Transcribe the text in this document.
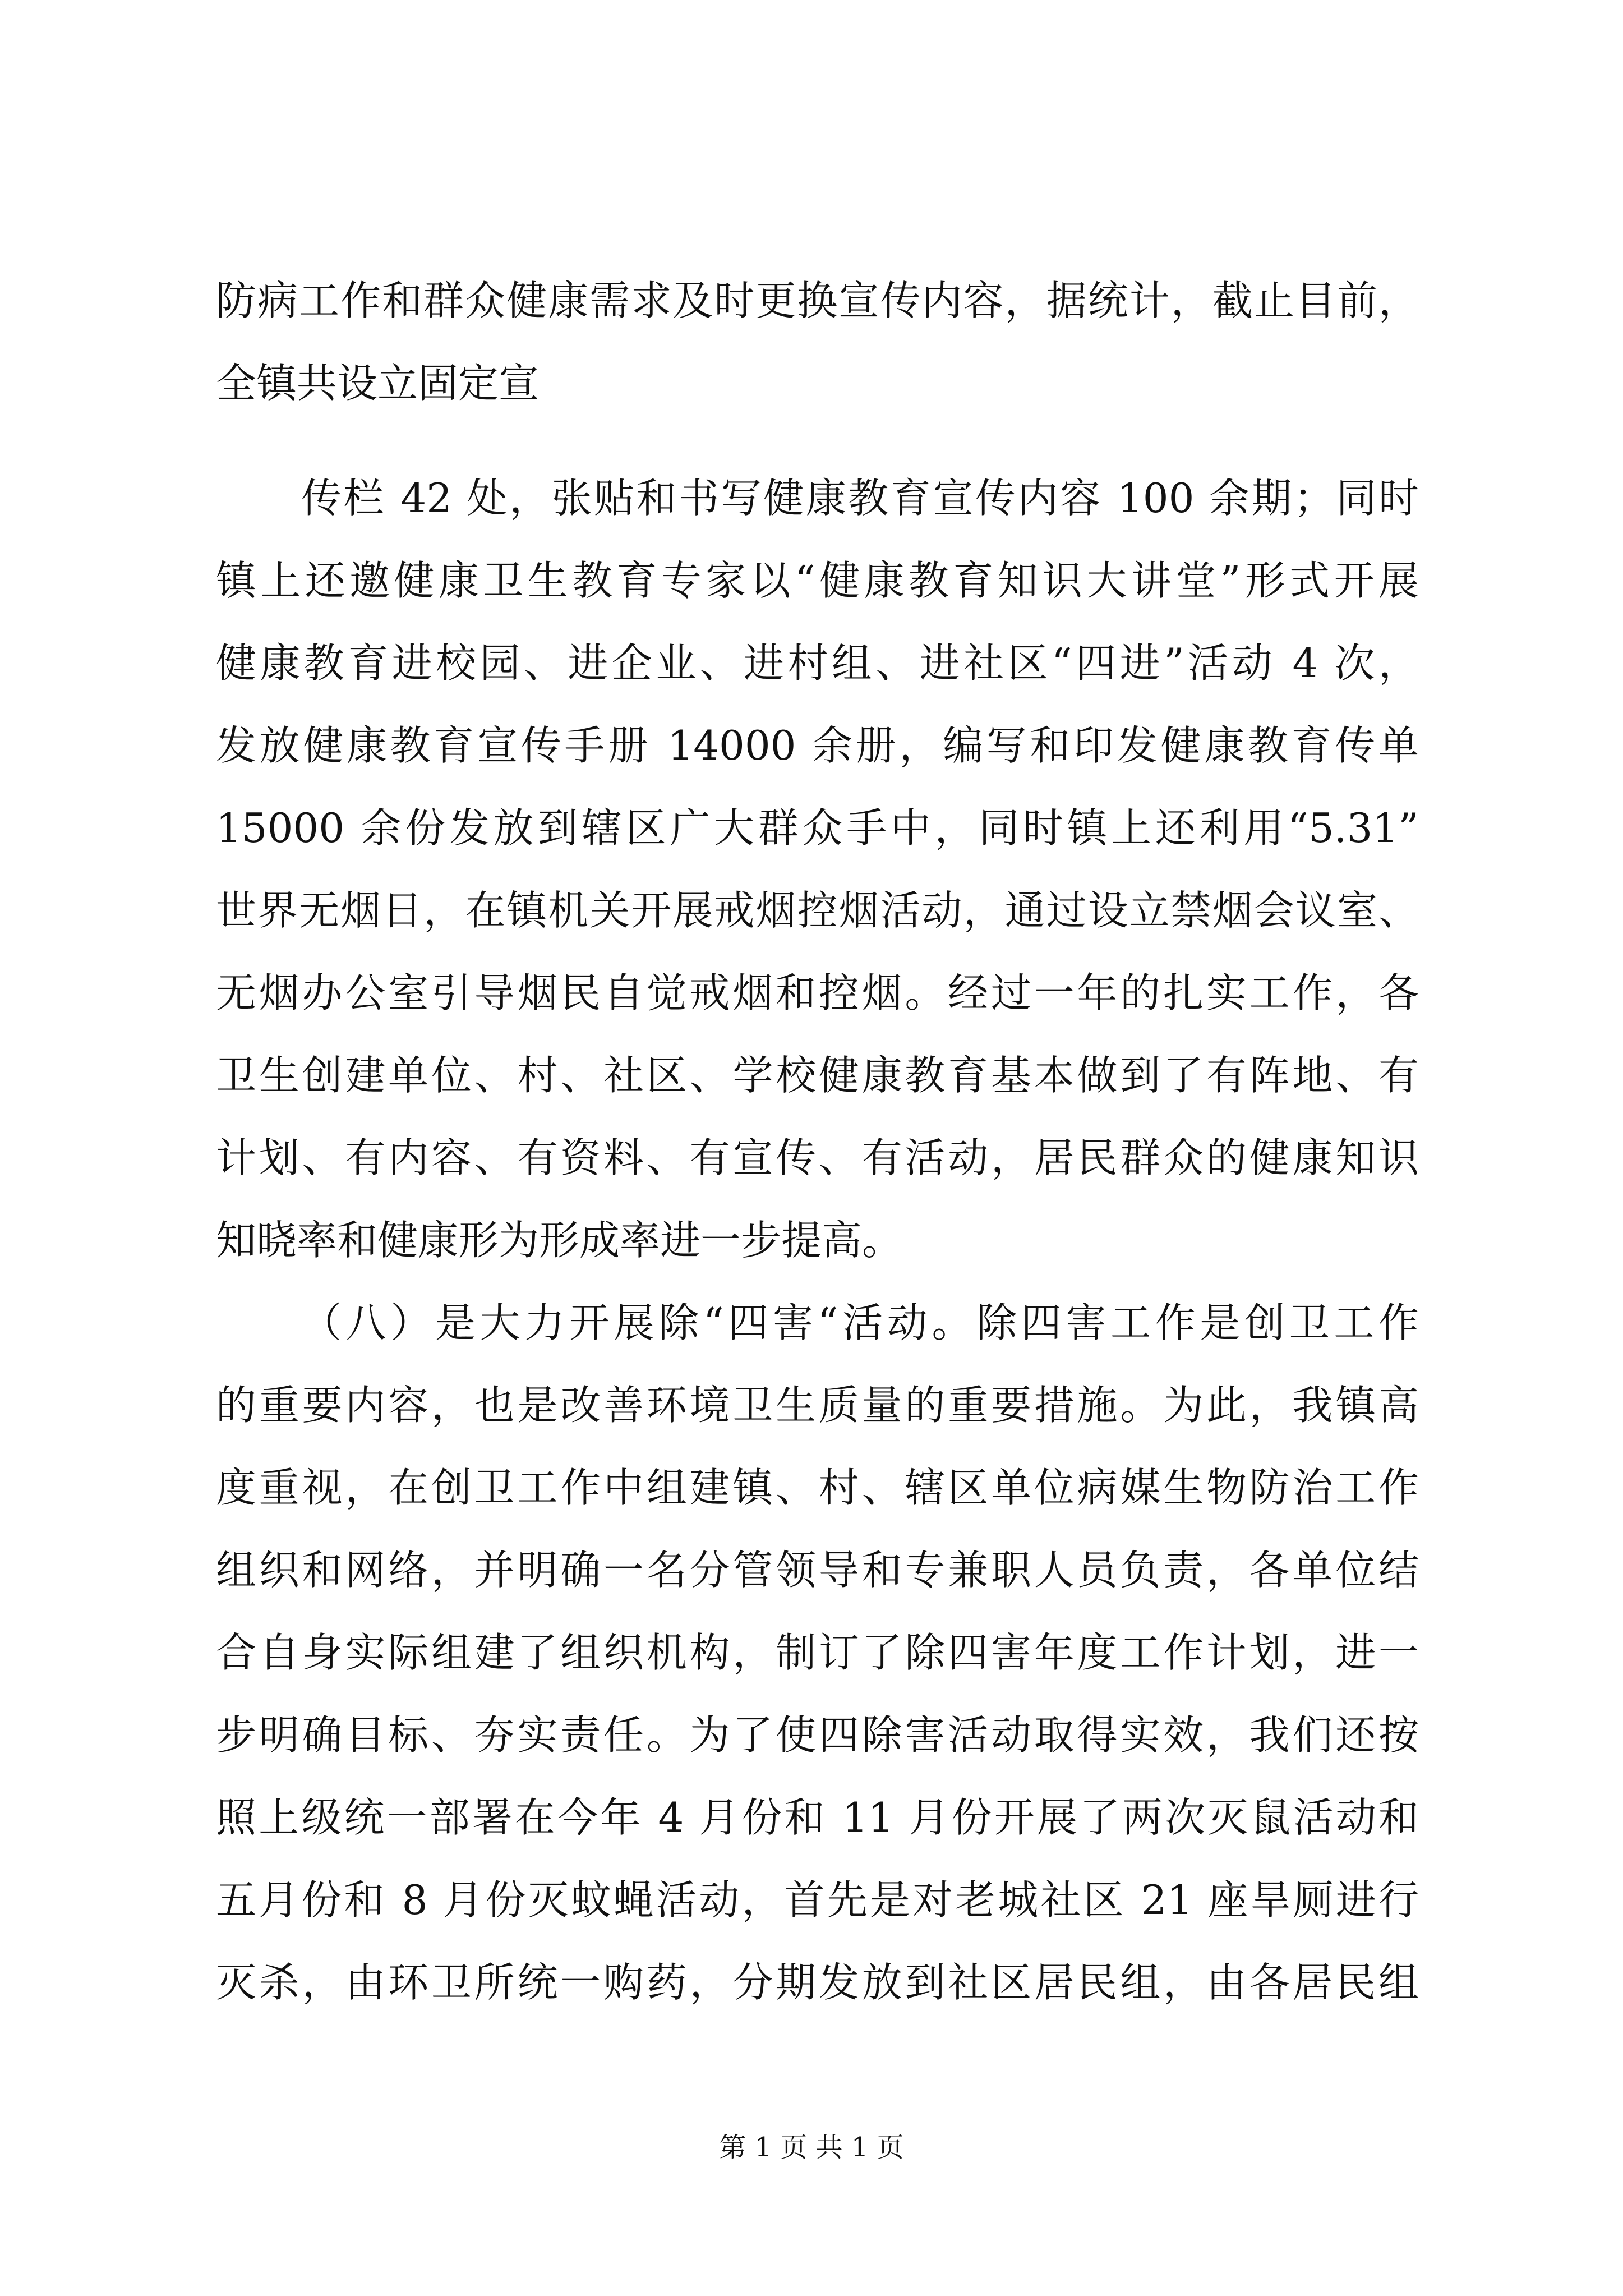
防病工作和群众健康需求及时更换宣传内容，据统计，截止目前，
全镇共设立固定宣
传栏 42 处，张贴和书写健康教育宣传内容 100 余期；同时
镇上还邀健康卫生教育专家以“健康教育知识大讲堂”形式开展
健康教育进校园、进企业、进村组、进社区“四进”活动 4 次，
发放健康教育宣传手册 14000 余册，编写和印发健康教育传单
15000 余份发放到辖区广大群众手中，同时镇上还利用“5.31”
世界无烟日，在镇机关开展戒烟控烟活动，通过设立禁烟会议室、
无烟办公室引导烟民自觉戒烟和控烟。经过一年的扎实工作，各
卫生创建单位、村、社区、学校健康教育基本做到了有阵地、有
计划、有内容、有资料、有宣传、有活动，居民群众的健康知识
知晓率和健康形为形成率进一步提高。
（八）是大力开展除“四害“活动。除四害工作是创卫工作
的重要内容，也是改善环境卫生质量的重要措施。为此，我镇高
度重视，在创卫工作中组建镇、村、辖区单位病媒生物防治工作
组织和网络，并明确一名分管领导和专兼职人员负责，各单位结
合自身实际组建了组织机构，制订了除四害年度工作计划，进一
步明确目标、夯实责任。为了使四除害活动取得实效，我们还按
照上级统一部署在今年 4 月份和 11 月份开展了两次灭鼠活动和
五月份和 8 月份灭蚊蝇活动，首先是对老城社区 21 座旱厕进行
灭杀，由环卫所统一购药，分期发放到社区居民组，由各居民组
第 1 页 共 1 页
